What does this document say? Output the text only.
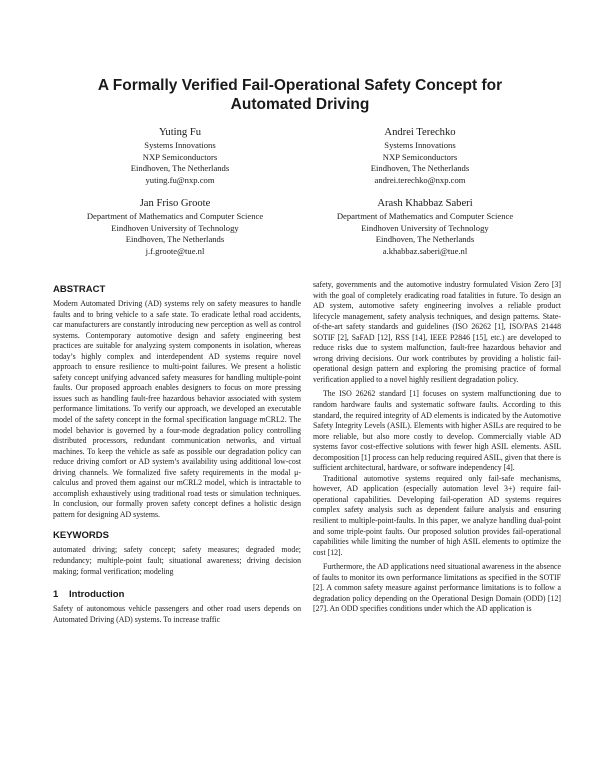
A Formally Verified Fail-Operational Safety Concept for
Automated Driving
Yuting Fu
Systems Innovations
NXP Semiconductors
Eindhoven, The Netherlands
yuting.fu@nxp.com
Andrei Terechko
Systems Innovations
NXP Semiconductors
Eindhoven, The Netherlands
andrei.terechko@nxp.com
Jan Friso Groote
Department of Mathematics and Computer Science
Eindhoven University of Technology
Eindhoven, The Netherlands
j.f.groote@tue.nl
Arash Khabbaz Saberi
Department of Mathematics and Computer Science
Eindhoven University of Technology
Eindhoven, The Netherlands
a.khabbaz.saberi@tue.nl
ABSTRACT

Modern Automated Driving (AD) systems rely on safety measures to handle faults and to bring vehicle to a safe state. To eradicate lethal road accidents, car manufacturers are constantly introducing new perception as well as control systems. Contemporary automotive design and safety engineering best practices are suitable for analyzing system components in isolation, whereas today’s highly complex and interdependent AD systems require novel approach to ensure resilience to multi-point failures. We present a holistic safety concept unifying advanced safety measures for handling multiple-point faults. Our proposed approach enables designers to focus on more pressing issues such as handling fault-free hazardous behavior associated with system performance limitations. To verify our approach, we developed an executable model of the safety concept in the formal specification language mCRL2. The model behavior is governed by a four-mode degradation policy controlling distributed processors, redundant communication networks, and virtual machines. To keep the vehicle as safe as possible our degradation policy can reduce driving comfort or AD system’s availability using additional low-cost driving channels. We formalized five safety requirements in the modal μ-calculus and proved them against our mCRL2 model, which is intractable to accomplish exhaustively using traditional road tests or simulation techniques. In conclusion, our formally proven safety concept defines a holistic design pattern for designing AD systems.

KEYWORDS

automated driving; safety concept; safety measures; degraded mode; redundancy; multiple-point fault; situational awareness; driving decision making; formal verification; modeling

1 Introduction

Safety of autonomous vehicle passengers and other road users depends on Automated Driving (AD) systems. To increase traffic

safety, governments and the automotive industry formulated Vision Zero [3] with the goal of completely eradicating road fatalities in future. To design an AD system, automotive safety engineering involves a reliable product lifecycle management, safety analysis techniques, and design patterns. State-of-the-art safety standards and guidelines (ISO 26262 [1], ISO/PAS 21448 SOTIF [2], SaFAD [12], RSS [14], IEEE P2846 [15], etc.) are developed to reduce risks due to system malfunction, fault-free hazardous behavior and wrong driving decisions. Our work contributes by providing a holistic fail-operational design pattern and exploring the promising practice of formal verification applied to a novel highly resilient degradation policy.

The ISO 26262 standard [1] focuses on system malfunctioning due to random hardware faults and systematic software faults. According to this standard, the required integrity of AD elements is indicated by the Automotive Safety Integrity Levels (ASIL). Elements with higher ASILs are required to be more reliable, but also more costly to develop. Commercially viable AD systems favor cost-effective solutions with fewer high ASIL elements. ASIL decomposition [1] process can help reducing required ASIL, given that there is sufficient architectural, hardware, or software independency [4].

Traditional automotive systems required only fail-safe mechanisms, however, AD application (especially automation level 3+) require fail-operational capabilities. Developing fail-operation AD systems requires complex safety analysis such as dependent failure analysis and ensuring resilient to multiple-point-faults. In this paper, we analyze handling dual-point and some triple-point faults. Our proposed solution provides fail-operational capabilities while limiting the number of high ASIL elements to optimize the cost [12].

Furthermore, the AD applications need situational awareness in the absence of faults to monitor its own performance limitations as specified in the SOTIF [2]. A common safety measure against performance limitations is to follow a degradation policy depending on the Operational Design Domain (ODD) [12][27]. An ODD specifies conditions under which the AD application is
